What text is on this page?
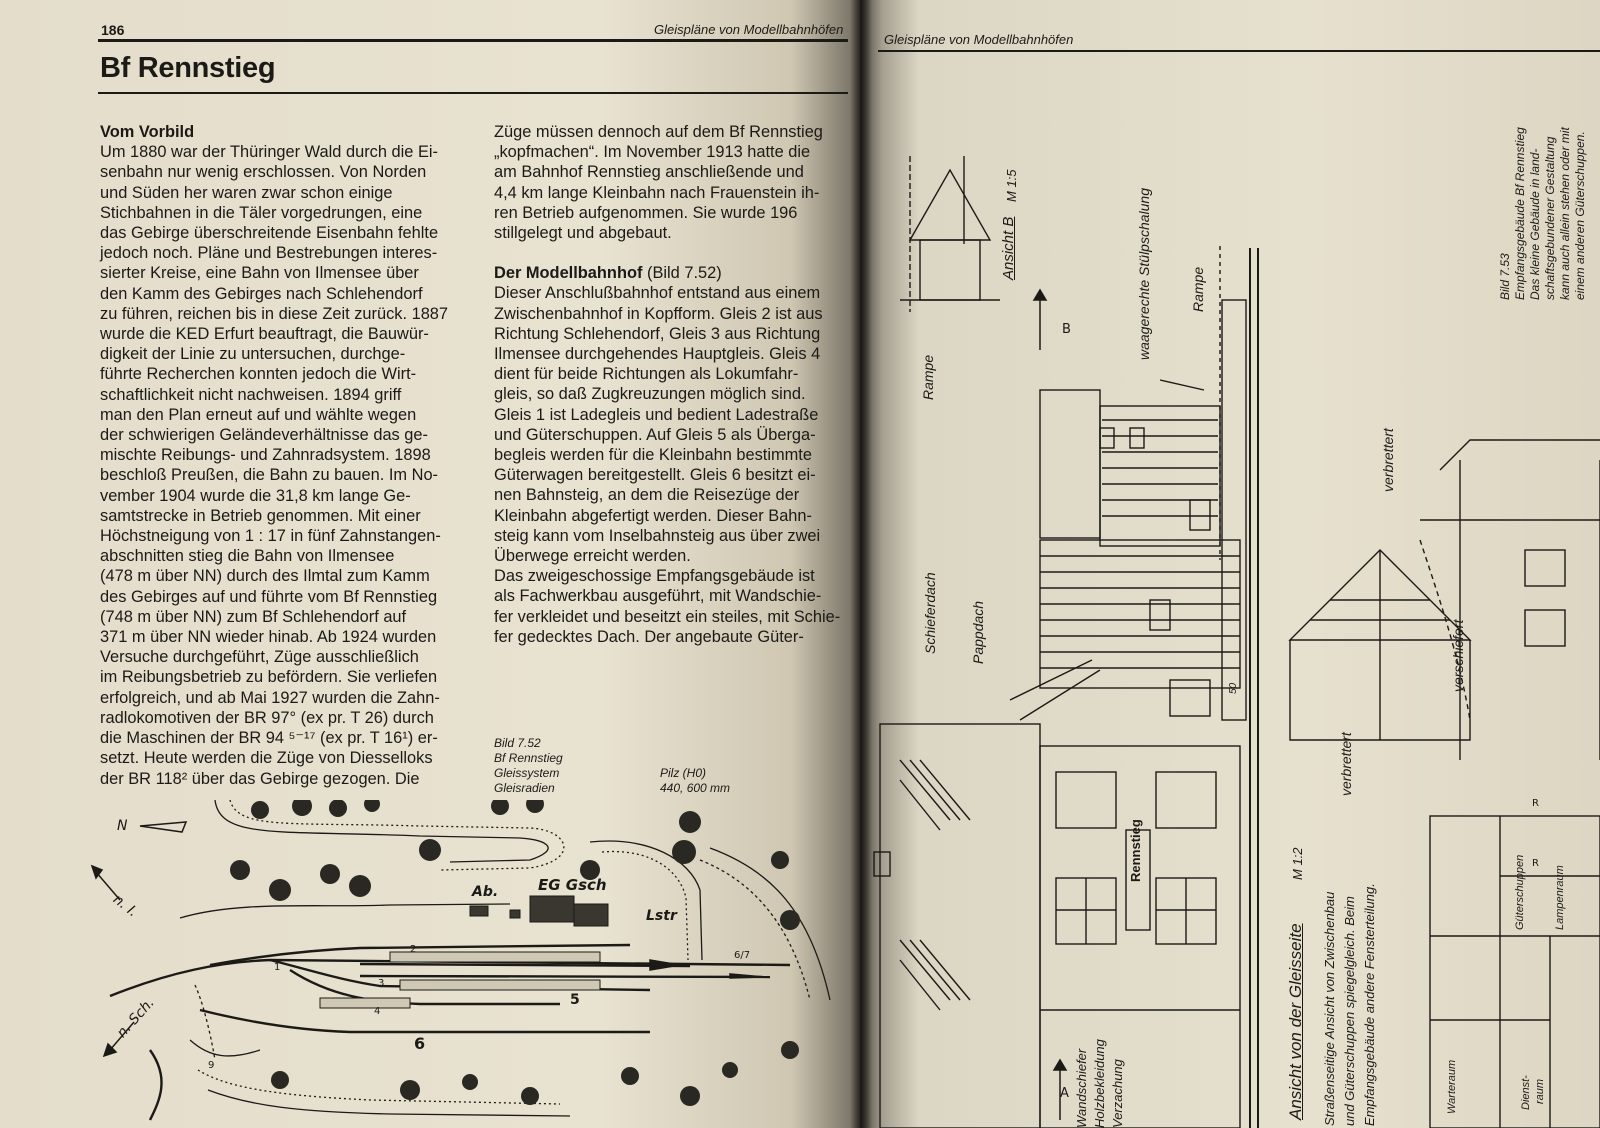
186	Gleispläne von Modellbahnhöfen
Bf Rennstieg
Vom Vorbild
Um 1880 war der Thüringer Wald durch die Ei-
senbahn nur wenig erschlossen. Von Norden
und Süden her waren zwar schon einige
Stichbahnen in die Täler vorgedrungen, eine
das Gebirge überschreitende Eisenbahn fehlte
jedoch noch. Pläne und Bestrebungen interes-
sierter Kreise, eine Bahn von Ilmensee über
den Kamm des Gebirges nach Schlehendorf
zu führen, reichen bis in diese Zeit zurück. 1887
wurde die KED Erfurt beauftragt, die Bauwür-
digkeit der Linie zu untersuchen, durchge-
führte Recherchen konnten jedoch die Wirt-
schaftlichkeit nicht nachweisen. 1894 griff
man den Plan erneut auf und wählte wegen
der schwierigen Geländeverhältnisse das ge-
mischte Reibungs- und Zahnradsystem. 1898
beschloß Preußen, die Bahn zu bauen. Im No-
vember 1904 wurde die 31,8 km lange Ge-
samtstrecke in Betrieb genommen. Mit einer
Höchstneigung von 1 : 17 in fünf Zahnstangen-
abschnitten stieg die Bahn von Ilmensee
(478 m über NN) durch des Ilmtal zum Kamm
des Gebirges auf und führte vom Bf Rennstieg
(748 m über NN) zum Bf Schlehendorf auf
371 m über NN wieder hinab. Ab 1924 wurden
Versuche durchgeführt, Züge ausschließlich
im Reibungsbetrieb zu befördern. Sie verliefen
erfolgreich, und ab Mai 1927 wurden die Zahn-
radlokomotiven der BR 97° (ex pr. T 26) durch
die Maschinen der BR 94 ⁵⁻¹⁷ (ex pr. T 16¹) er-
setzt. Heute werden die Züge von Diesselloks
der BR 118² über das Gebirge gezogen. Die
Züge müssen dennoch auf dem Bf Rennstieg
„kopfmachen“. Im November 1913 hatte die
am Bahnhof Rennstieg anschließende und
4,4 km lange Kleinbahn nach Frauenstein ih-
ren Betrieb aufgenommen. Sie wurde 196
stillgelegt und abgebaut.
Der Modellbahnhof (Bild 7.52)
Dieser Anschlußbahnhof entstand aus einem
Zwischenbahnhof in Kopfform. Gleis 2 ist aus
Richtung Schlehendorf, Gleis 3 aus Richtung
Ilmensee durchgehendes Hauptgleis. Gleis 4
dient für beide Richtungen als Lokumfahr-
gleis, so daß Zugkreuzungen möglich sind.
Gleis 1 ist Ladegleis und bedient Ladestraße
und Güterschuppen. Auf Gleis 5 als Überga-
begleis werden für die Kleinbahn bestimmte
Güterwagen bereitgestellt. Gleis 6 besitzt ei-
nen Bahnsteig, an dem die Reisezüge der
Kleinbahn abgefertigt werden. Dieser Bahn-
steig kann vom Inselbahnsteig aus über zwei
Überwege erreicht werden.
Das zweigeschossige Empfangsgebäude ist
als Fachwerkbau ausgeführt, mit Wandschie-
fer verkleidet und beseitzt ein steiles, mit Schie-
fer gedecktes Dach. Der angebaute Güter-
Bild 7.52
Bf Rennstieg
Gleissystem
Gleisradien
Pilz (H0)
440, 600 mm
N
n. I.
n. Sch.
Ab.	EG Gsch
Lstr
1
2
3
4
5
6
6/7
9
Gleispläne von Modellbahnhöfen
Bild 7.53 Empfangsgebäude Bf Rennstieg Das kleine Gebäude in land- schaftsgebundener Gestaltung kann auch allein stehen oder mit einem anderen Güterschuppen.
Ansicht B
M 1:5
waagerechte Stülpschalung	Rampe
Rampe
Schieferdach Pappdach
Rennstieg
50
Wandschiefer Holzbekleidung Verzachung	Ansicht von der Gleisseite
M 1:2
Straßenseitige Ansicht von Zwischenbau und Güterschuppen spiegelgleich. Beim Empfangsgebäude andere Fensterteilung.
verbrettert
verbrettert
verschiefert
Güterschuppen	Lampenraum
Warteraum	Dienst- raum
A
B
R
R
